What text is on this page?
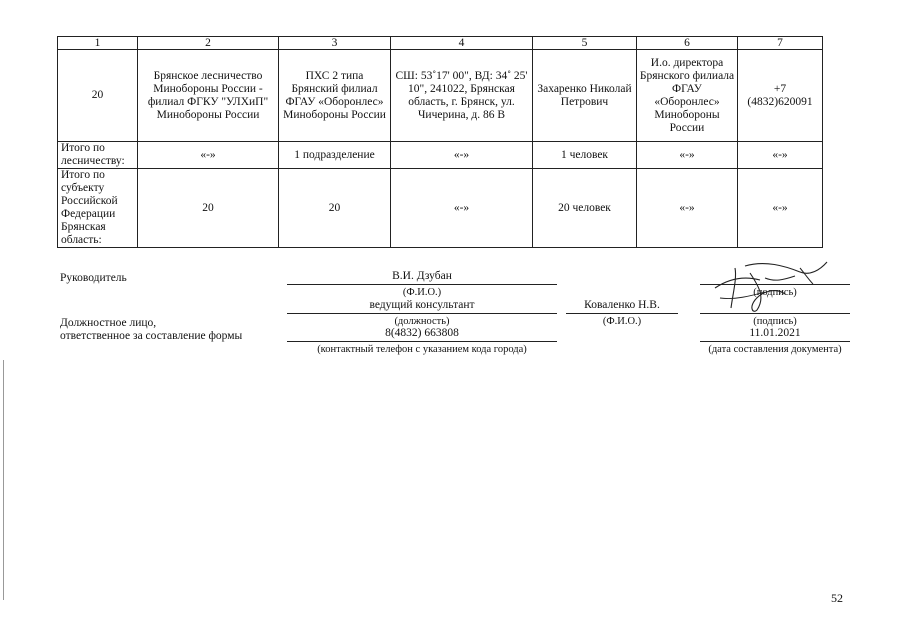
1	2	3	4	5	6	7
20	Брянское лесничество Минобороны России - филиал ФГКУ "УЛХиП" Минобороны России	ПХС 2 типа Брянский филиал ФГАУ «Оборонлес» Минобороны России	СШ: 53˚17' 00", ВД: 34˚ 25' 10", 241022, Брянская область, г. Брянск, ул. Чичерина, д. 86 В	Захаренко Николай Петрович	И.о. директора Брянского филиала ФГАУ «Оборонлес» Минобороны России	+7 (4832)620091
Итого по лесничеству:	«-»	1 подразделение	«-»	1 человек	«-»	«-»
Итого по субъекту Российской Федерации Брянская область:	20	20	«-»	20 человек	«-»	«-»
Руководитель	В.И. Дзубан
(Ф.И.О.)	(подпись)
ведущий консультант
(должность)
Коваленко Н.В.
(Ф.И.О.)	(подпись)
Должностное лицо,
ответственное за составление формы	8(4832) 663808
(контактный телефон с указанием кода города)
11.01.2021
(дата составления документа)
52
